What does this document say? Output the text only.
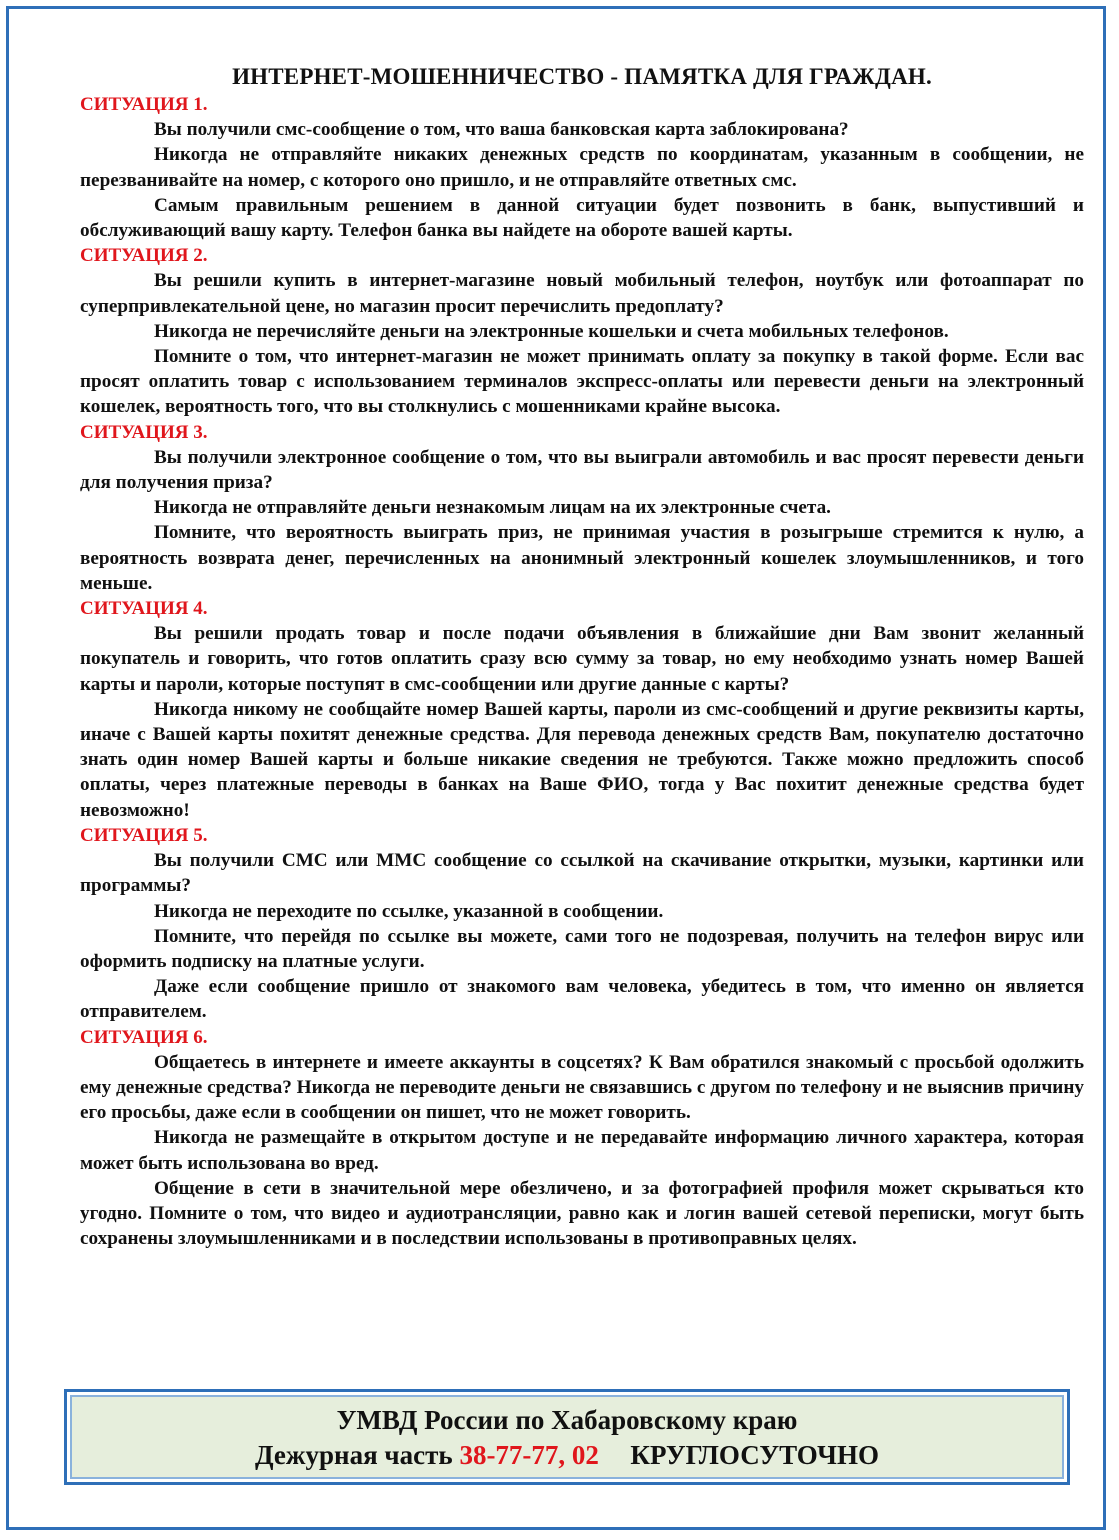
ИНТЕРНЕТ-МОШЕННИЧЕСТВО - ПАМЯТКА ДЛЯ ГРАЖДАН.
СИТУАЦИЯ 1.

Вы получили смс-сообщение о том, что ваша банковская карта заблокирована?

Никогда не отправляйте никаких денежных средств по координатам, указанным в сообщении, не перезванивайте на номер, с которого оно пришло, и не отправляйте ответных смс.

Самым правильным решением в данной ситуации будет позвонить в банк, выпустивший и обслуживающий вашу карту. Телефон банка вы найдете на обороте вашей карты.

СИТУАЦИЯ 2.

Вы решили купить в интернет-магазине новый мобильный телефон, ноутбук или фотоаппарат по суперпривлекательной цене, но магазин просит перечислить предоплату?

Никогда не перечисляйте деньги на электронные кошельки и счета мобильных телефонов.

Помните о том, что интернет-магазин не может принимать оплату за покупку в такой форме. Если вас просят оплатить товар с использованием терминалов экспресс-оплаты или перевести деньги на электронный кошелек, вероятность того, что вы столкнулись с мошенниками крайне высока.

СИТУАЦИЯ 3.

Вы получили электронное сообщение о том, что вы выиграли автомобиль и вас просят перевести деньги для получения приза?

Никогда не отправляйте деньги незнакомым лицам на их электронные счета.

Помните, что вероятность выиграть приз, не принимая участия в розыгрыше стремится к нулю, а вероятность возврата денег, перечисленных на анонимный электронный кошелек злоумышленников, и того меньше.

СИТУАЦИЯ 4.

Вы решили продать товар и после подачи объявления в ближайшие дни Вам звонит желанный покупатель и говорить, что готов оплатить сразу всю сумму за товар, но ему необходимо узнать номер Вашей карты и пароли, которые поступят в смс-сообщении или другие данные с карты?

Никогда никому не сообщайте номер Вашей карты, пароли из смс-сообщений и другие реквизиты карты, иначе с Вашей карты похитят денежные средства. Для перевода денежных средств Вам, покупателю достаточно знать один номер Вашей карты и больше никакие сведения не требуются. Также можно предложить способ оплаты, через платежные переводы в банках на Ваше ФИО, тогда у Вас похитит денежные средства будет невозможно!

СИТУАЦИЯ 5.

Вы получили СМС или ММС сообщение со ссылкой на скачивание открытки, музыки, картинки или программы?

Никогда не переходите по ссылке, указанной в сообщении.

Помните, что перейдя по ссылке вы можете, сами того не подозревая, получить на телефон вирус или оформить подписку на платные услуги.

Даже если сообщение пришло от знакомого вам человека, убедитесь в том, что именно он является отправителем.

СИТУАЦИЯ 6.

Общаетесь в интернете и имеете аккаунты в соцсетях? К Вам обратился знакомый с просьбой одолжить ему денежные средства? Никогда не переводите деньги не связавшись с другом по телефону и не выяснив причину его просьбы, даже если в сообщении он пишет, что не может говорить.

Никогда не размещайте в открытом доступе и не передавайте информацию личного характера, которая может быть использована во вред.

Общение в сети в значительной мере обезличено, и за фотографией профиля может скрываться кто угодно. Помните о том, что видео и аудиотрансляции, равно как и логин вашей сетевой переписки, могут быть сохранены злоумышленниками и в последствии использованы в противоправных целях.

УМВД России по Хабаровскому краю
Дежурная часть 38-77-77, 02 КРУГЛОСУТОЧНО
